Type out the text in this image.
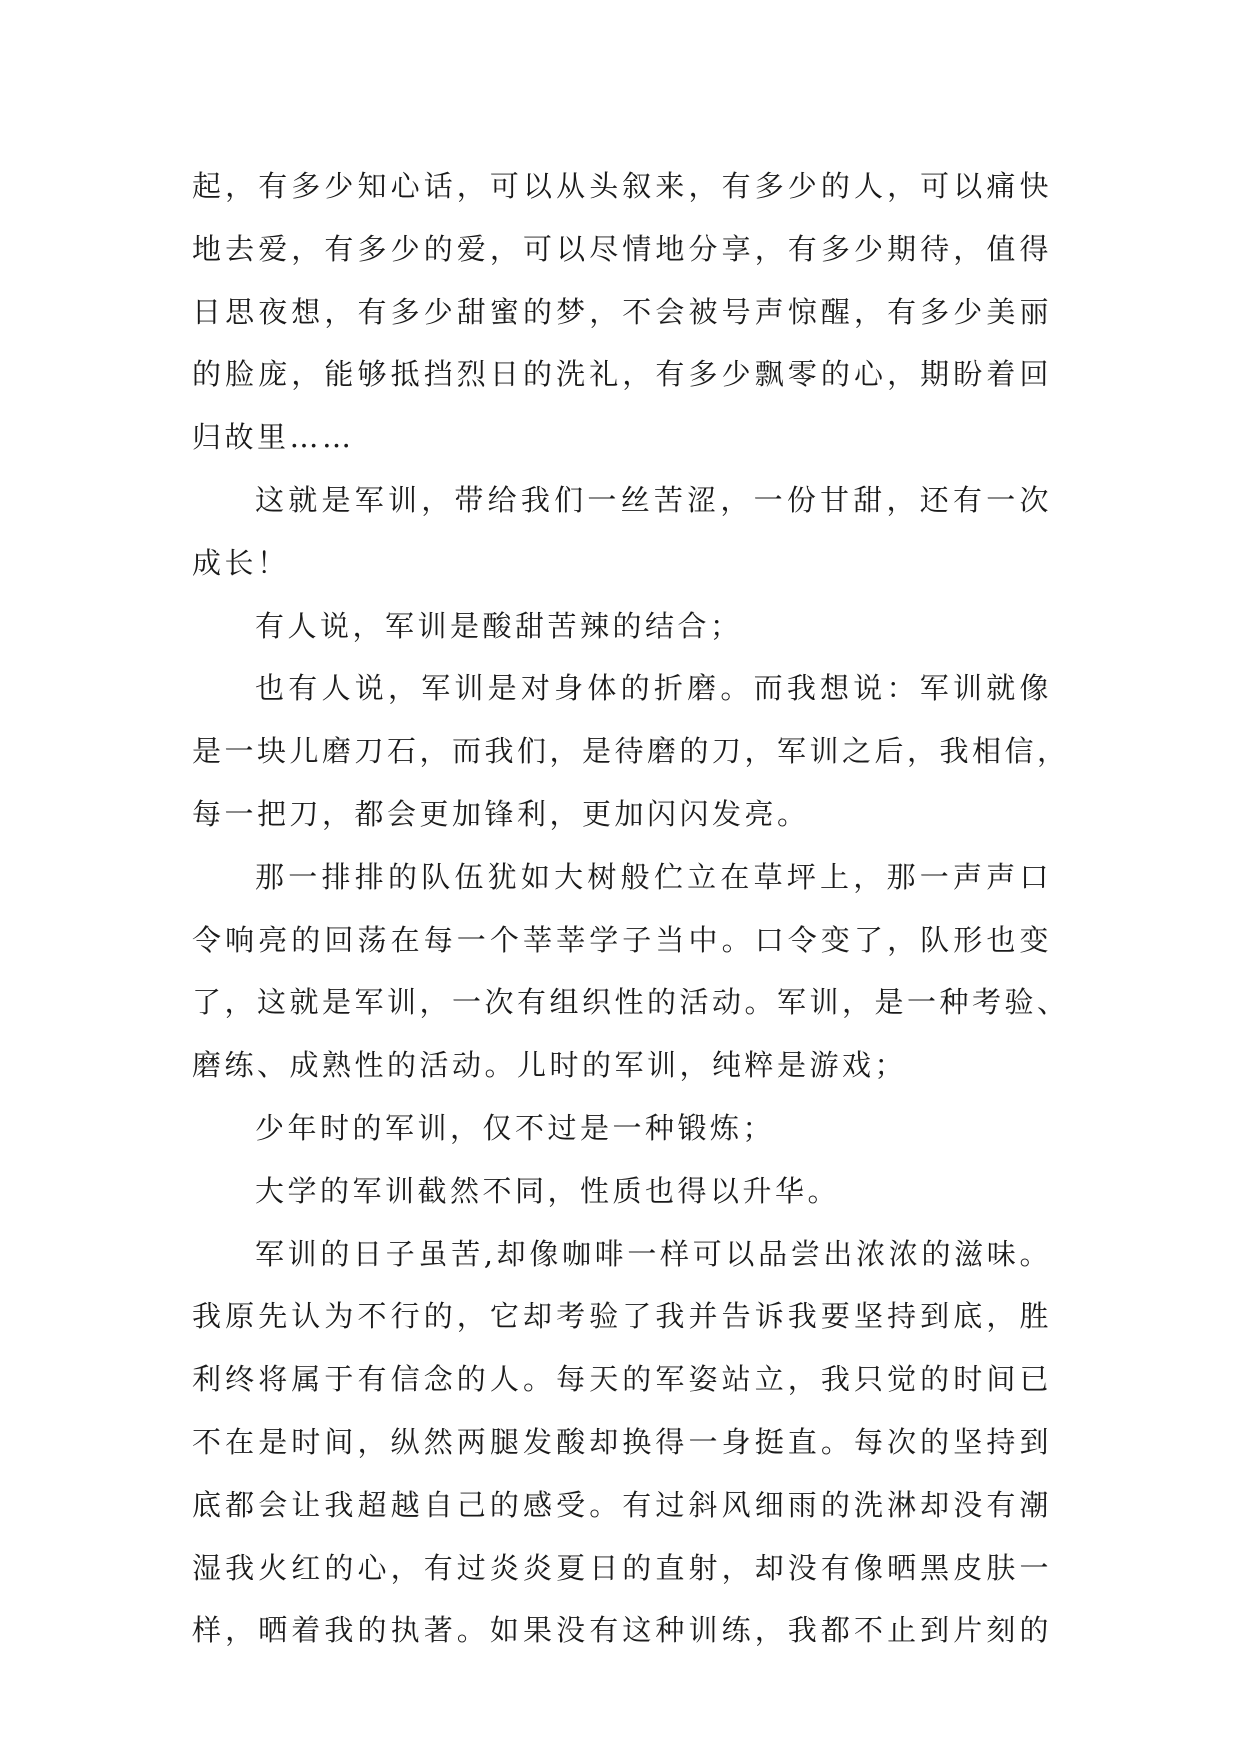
起，有多少知心话，可以从头叙来，有多少的人，可以痛快
地去爱，有多少的爱，可以尽情地分享，有多少期待，值得
日思夜想，有多少甜蜜的梦，不会被号声惊醒，有多少美丽
的脸庞，能够抵挡烈日的洗礼，有多少飘零的心，期盼着回
归故里……
这就是军训，带给我们一丝苦涩，一份甘甜，还有一次
成长！
有人说，军训是酸甜苦辣的结合；
也有人说，军训是对身体的折磨。而我想说：军训就像
是一块儿磨刀石，而我们，是待磨的刀，军训之后，我相信，
每一把刀，都会更加锋利，更加闪闪发亮。
那一排排的队伍犹如大树般伫立在草坪上，那一声声口
令响亮的回荡在每一个莘莘学子当中。口令变了，队形也变
了，这就是军训，一次有组织性的活动。军训，是一种考验、
磨练、成熟性的活动。儿时的军训，纯粹是游戏；
少年时的军训，仅不过是一种锻炼；
大学的军训截然不同，性质也得以升华。
军训的日子虽苦,却像咖啡一样可以品尝出浓浓的滋味。
我原先认为不行的，它却考验了我并告诉我要坚持到底，胜
利终将属于有信念的人。每天的军姿站立，我只觉的时间已
不在是时间，纵然两腿发酸却换得一身挺直。每次的坚持到
底都会让我超越自己的感受。有过斜风细雨的洗淋却没有潮
湿我火红的心，有过炎炎夏日的直射，却没有像晒黑皮肤一
样，晒着我的执著。如果没有这种训练，我都不止到片刻的
